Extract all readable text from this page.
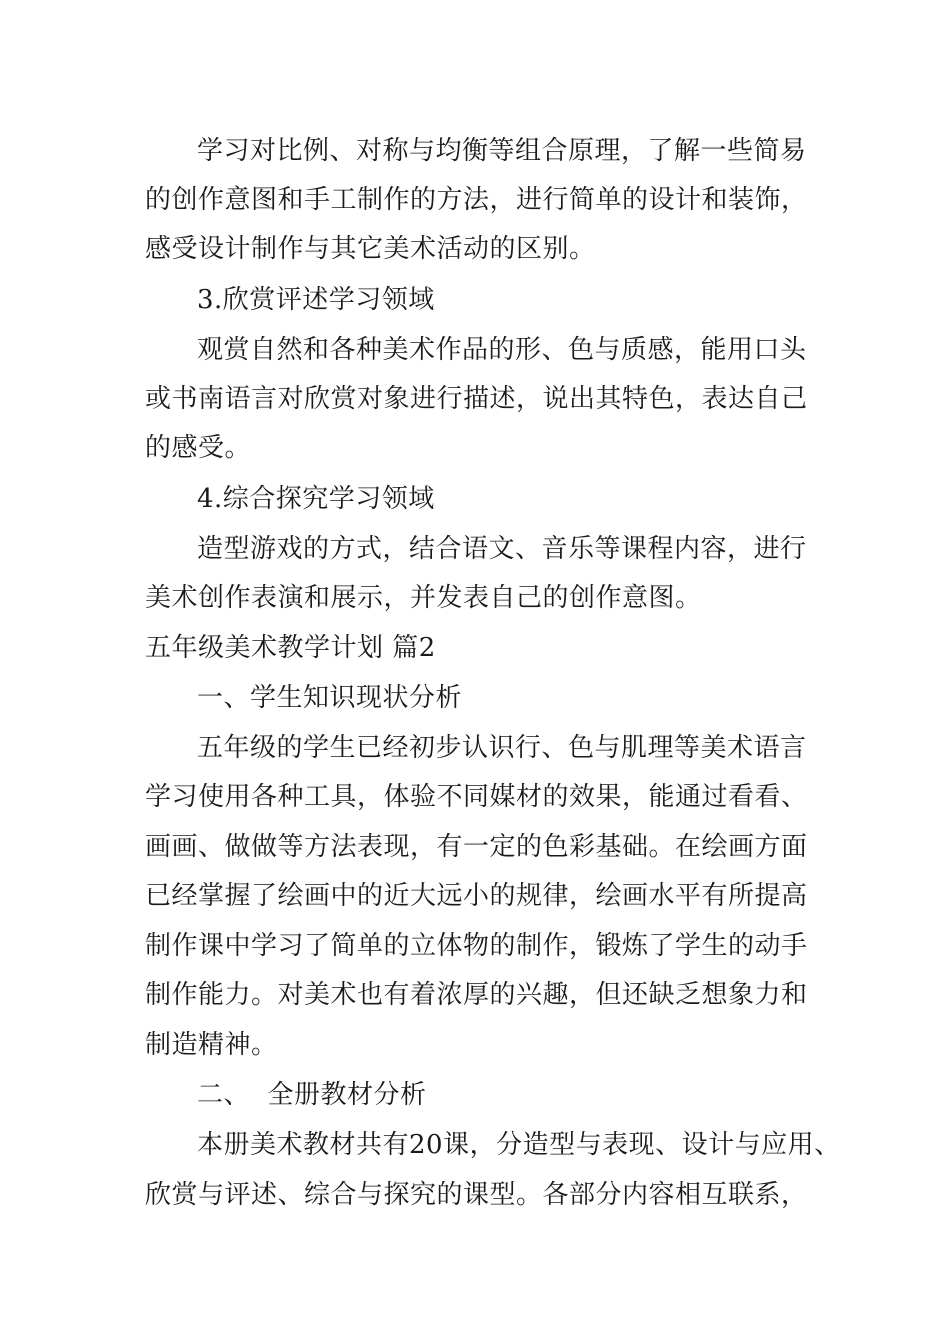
学习对比例、对称与均衡等组合原理，了解一些简易
的创作意图和手工制作的方法，进行简单的设计和装饰，
感受设计制作与其它美术活动的区别。
3.欣赏评述学习领域
观赏自然和各种美术作品的形、色与质感，能用口头
或书南语言对欣赏对象进行描述，说出其特色，表达自己
的感受。
4.综合探究学习领域
造型游戏的方式，结合语文、音乐等课程内容，进行
美术创作表演和展示，并发表自己的创作意图。
五年级美术教学计划 篇2
一、学生知识现状分析
五年级的学生已经初步认识行、色与肌理等美术语言
学习使用各种工具，体验不同媒材的效果，能通过看看、
画画、做做等方法表现，有一定的色彩基础。在绘画方面
已经掌握了绘画中的近大远小的规律，绘画水平有所提高
制作课中学习了简单的立体物的制作，锻炼了学生的动手
制作能力。对美术也有着浓厚的兴趣，但还缺乏想象力和
制造精神。
二、  全册教材分析
本册美术教材共有20课，分造型与表现、设计与应用、
欣赏与评述、综合与探究的课型。各部分内容相互联系，
